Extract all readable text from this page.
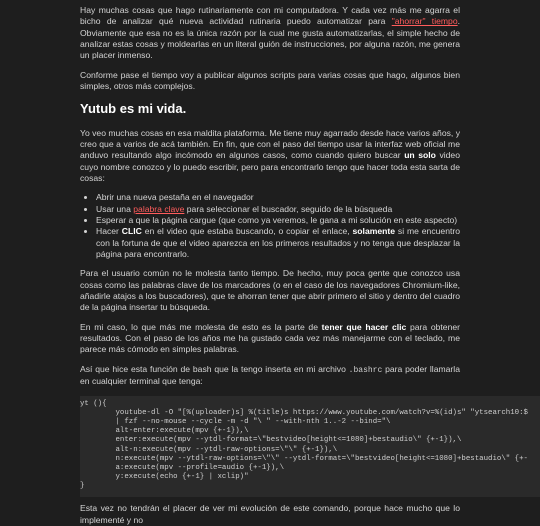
Hay muchas cosas que hago rutinariamente con mi computadora. Y cada vez más me agarra el bicho de analizar qué nueva actividad rutinaria puedo automatizar para "ahorrar" tiempo. Obviamente que esa no es la única razón por la cual me gusta automatizarlas, el simple hecho de analizar estas cosas y moldearlas en un literal guión de instrucciones, por alguna razón, me genera un placer inmenso.

Conforme pase el tiempo voy a publicar algunos scripts para varias cosas que hago, algunos bien simples, otros más complejos.

Yutub es mi vida.

Yo veo muchas cosas en esa maldita plataforma. Me tiene muy agarrado desde hace varios años, y creo que a varios de acá también. En fin, que con el paso del tiempo usar la interfaz web oficial me anduvo resultando algo incómodo en algunos casos, como cuando quiero buscar un solo video cuyo nombre conozco y lo puedo escribir, pero para encontrarlo tengo que hacer toda esta sarta de cosas:

• Abrir una nueva pestaña en el navegador
• Usar una palabra clave para seleccionar el buscador, seguido de la búsqueda
• Esperar a que la página cargue (que como ya veremos, le gana a mi solución en este aspecto)
• Hacer CLIC en el video que estaba buscando, o copiar el enlace, solamente si me encuentro con la fortuna de que el video aparezca en los primeros resultados y no tenga que desplazar la página para encontrarlo.

Para el usuario común no le molesta tanto tiempo. De hecho, muy poca gente que conozco usa cosas como las palabras clave de los marcadores (o en el caso de los navegadores Chromium-like, añadirle atajos a los buscadores), que te ahorran tener que abrir primero el sitio y dentro del cuadro de la página insertar tu búsqueda.

En mi caso, lo que más me molesta de esto es la parte de tener que hacer clic para obtener resultados. Con el paso de los años me ha gustado cada vez más manejarme con el teclado, me parece más cómodo en simples palabras.

Así que hice esta función de bash que la tengo inserta en mi archivo .bashrc para poder llamarla en cualquier terminal que tenga:

yt (){
youtube-dl -O "[%(uploader)s] %(title)s https://www.youtube.com/watch?v=%(id)s" "ytsearch10:$
| fzf --no-mouse --cycle -m -d "\ " --with-nth 1..-2 --bind="\
alt-enter:execute(mpv {+-1}),\
enter:execute(mpv --ytdl-format=\"bestvideo[height<=1080]+bestaudio\" {+-1}),\
alt-n:execute(mpv --ytdl-raw-options=\"\" {+-1}),\
n:execute(mpv --ytdl-raw-options=\"\" --ytdl-format=\"bestvideo[height<=1080]+bestaudio\" {+-
a:execute(mpv --profile=audio {+-1}),\
y:execute(echo {+-1} | xclip)"
}

Esta vez no tendrán el placer de ver mi evolución de este comando, porque hace mucho que lo implementé y no
